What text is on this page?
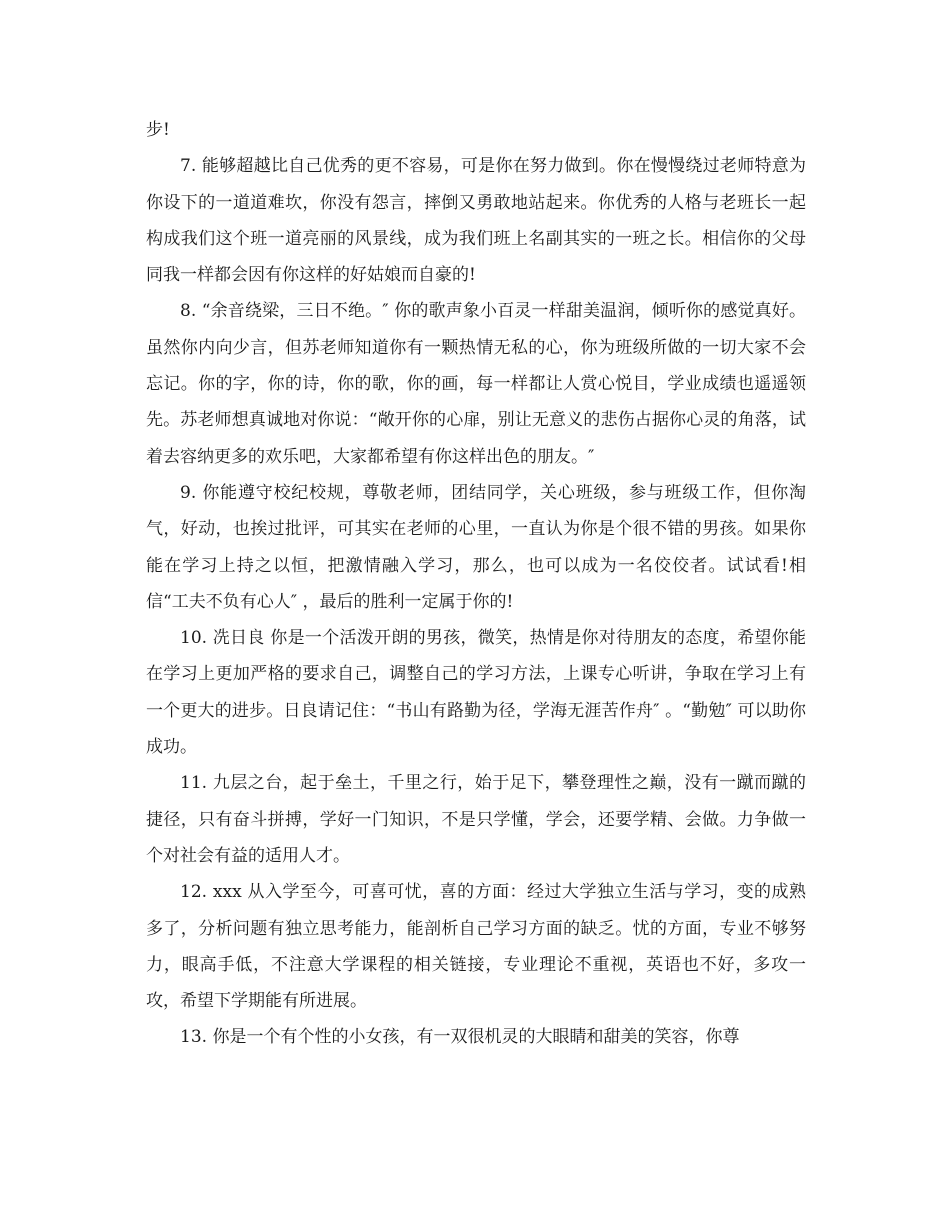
步!

7. 能够超越比自己优秀的更不容易，可是你在努力做到。你在慢慢绕过老师特意为你设下的一道道难坎，你没有怨言，摔倒又勇敢地站起来。你优秀的人格与老班长一起构成我们这个班一道亮丽的风景线，成为我们班上名副其实的一班之长。相信你的父母同我一样都会因有你这样的好姑娘而自豪的!

8. “余音绕梁，三日不绝。″ 你的歌声象小百灵一样甜美温润，倾听你的感觉真好。虽然你内向少言，但苏老师知道你有一颗热情无私的心，你为班级所做的一切大家不会忘记。你的字，你的诗，你的歌，你的画，每一样都让人赏心悦目，学业成绩也遥遥领先。苏老师想真诚地对你说：“敞开你的心扉，别让无意义的悲伤占据你心灵的角落，试着去容纳更多的欢乐吧，大家都希望有你这样出色的朋友。″

9. 你能遵守校纪校规，尊敬老师，团结同学，关心班级，参与班级工作，但你淘气，好动，也挨过批评，可其实在老师的心里，一直认为你是个很不错的男孩。如果你能在学习上持之以恒，把激情融入学习，那么，也可以成为一名佼佼者。试试看!相信“工夫不负有心人″ ，最后的胜利一定属于你的!

10. 冼日良 你是一个活泼开朗的男孩，微笑，热情是你对待朋友的态度，希望你能在学习上更加严格的要求自己，调整自己的学习方法，上课专心听讲，争取在学习上有一个更大的进步。日良请记住：“书山有路勤为径，学海无涯苦作舟″ 。“勤勉″ 可以助你成功。

11. 九层之台，起于垒土，千里之行，始于足下，攀登理性之巅，没有一蹴而蹴的捷径，只有奋斗拼搏，学好一门知识，不是只学懂，学会，还要学精、会做。力争做一个对社会有益的适用人才。

12. xxx 从入学至今，可喜可忧，喜的方面：经过大学独立生活与学习，变的成熟多了，分析问题有独立思考能力，能剖析自己学习方面的缺乏。忧的方面，专业不够努力，眼高手低，不注意大学课程的相关链接，专业理论不重视，英语也不好，多攻一攻，希望下学期能有所进展。

13. 你是一个有个性的小女孩，有一双很机灵的大眼睛和甜美的笑容，你尊
